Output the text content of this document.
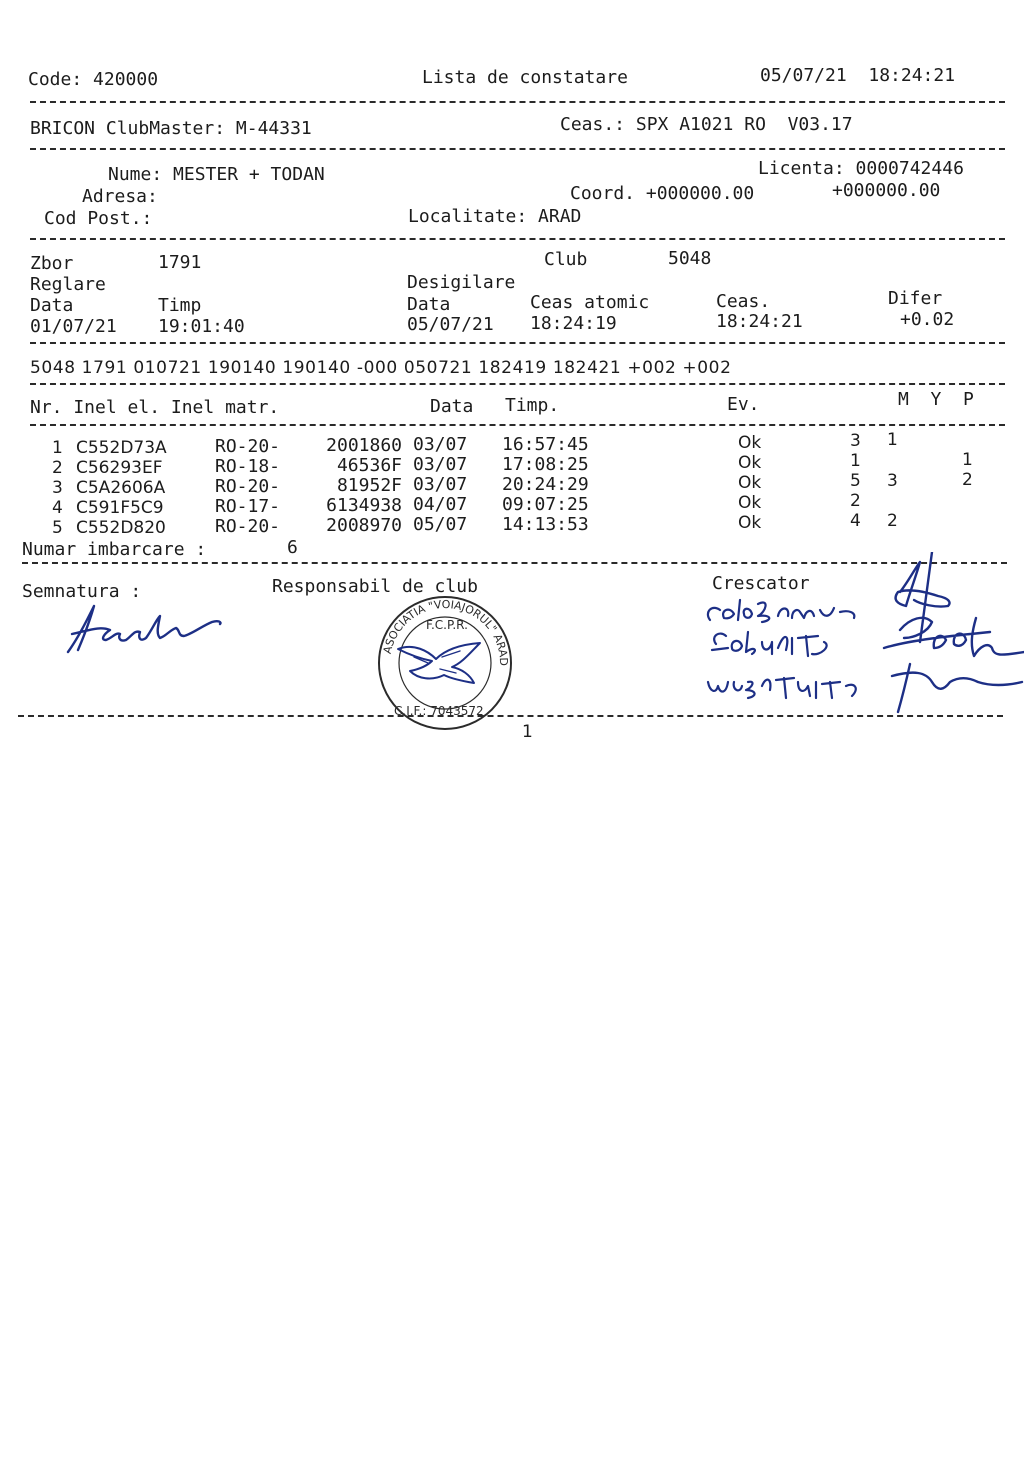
Code: 420000	Lista de constatare	05/07/21  18:24:21
BRICON ClubMaster: M-44331	Ceas.: SPX A1021 RO  V03.17
Nume: MESTER + TODAN	Licenta: 0000742446
Adresa:	Coord. +000000.00	+000000.00
Cod Post.:	Localitate: ARAD
Zbor	1791	Club	5048
Reglare	Desigilare
Data	Timp	Data	Ceas atomic	Ceas.	Difer
01/07/21 19:01:40	05/07/21 18:24:19	18:24:21	+0.02
5048 1791 010721 190140 190140 -000 050721 182419 182421 +002 +002
Nr. Inel el. Inel matr.	Data Timp.	Ev.	M  Y  P
1 C552D73A	RO-20-	2001860 03/07 16:57:45	Ok	3 1
2 C56293EF	RO-18-	46536F 03/07 17:08:25	Ok	1	1
3 C5A2606A	RO-20-	81952F 03/07 20:24:29	Ok	5 3	2
4 C591F5C9	RO-17-	6134938 04/07 09:07:25	Ok	2
5 C552D820	RO-20-	2008970 05/07 14:13:53	Ok	4 2
Numar imbarcare :	6
Semnatura :	Responsabil de club	Crescator
ASOCIATIA "VOIAJORUL" ARAD
F.C.P.R.
C.I.F.: 7043572
1
